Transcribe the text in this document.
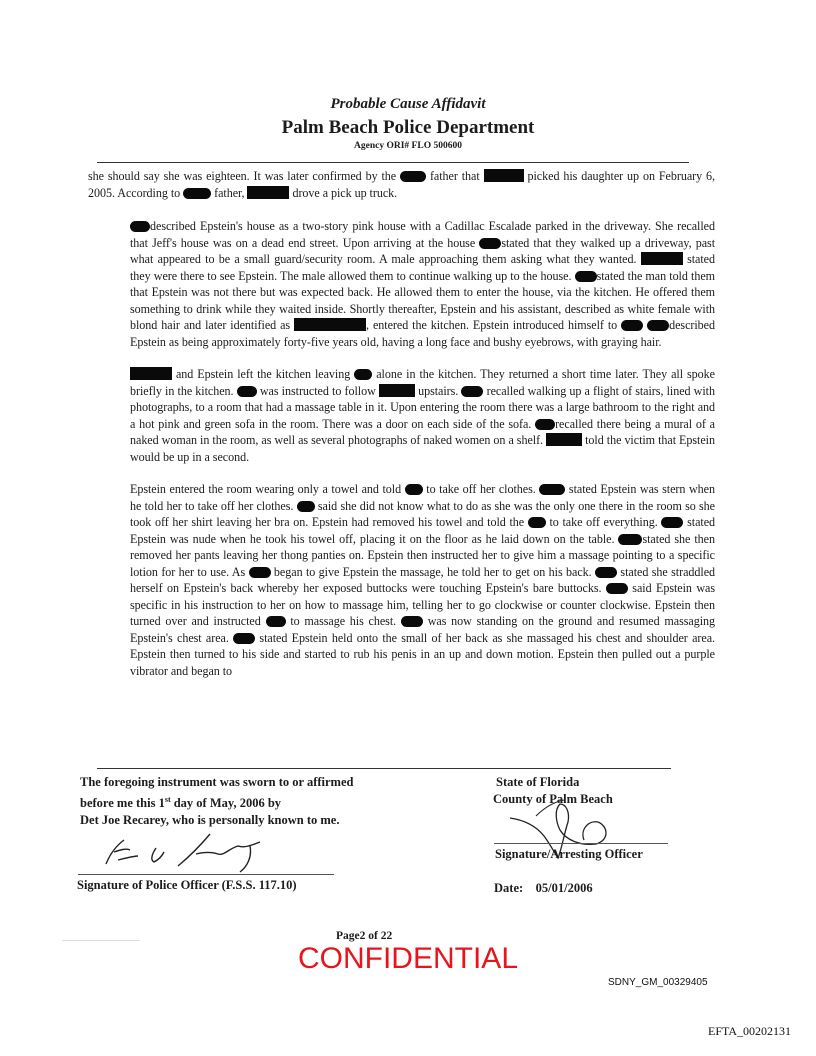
Probable Cause Affidavit
Palm Beach Police Department
Agency ORI# FLO 500600

she should say she was eighteen. It was later confirmed by the  father that	picked his daughter up on February 6, 2005. According to  father,	drove a pick up truck.

described Epstein's house as a two-story pink house with a Cadillac Escalade parked in the driveway. She recalled that Jeff's house was on a dead end street. Upon arriving at the house stated that they walked up a driveway, past what appeared to be a small guard/security room. A male approaching them asking what they wanted.	stated they were there to see Epstein. The male allowed them to continue walking up to the house. stated the man told them that Epstein was not there but was expected back. He allowed them to enter the house, via the kitchen. He offered them something to drink while they waited inside. Shortly thereafter, Epstein and his assistant, described as white female with blond hair and later identified as	, entered the kitchen. Epstein introduced himself to	described Epstein as being approximately forty-five years old, having a long face and bushy eyebrows, with graying hair.

and Epstein left the kitchen leaving  alone in the kitchen. They returned a short time later. They all spoke briefly in the kitchen.  was instructed to follow	upstairs.  recalled walking up a flight of stairs, lined with photographs, to a room that had a massage table in it. Upon entering the room there was a large bathroom to the right and a hot pink and green sofa in the room. There was a door on each side of the sofa. recalled there being a mural of a naked woman in the room, as well as several photographs of naked women on a shelf.	told the victim that Epstein would be up in a second.

Epstein entered the room wearing only a towel and told  to take off her clothes.  stated Epstein was stern when he told her to take off her clothes.  said she did not know what to do as she was the only one there in the room so she took off her shirt leaving her bra on. Epstein had removed his towel and told the  to take off everything.  stated Epstein was nude when he took his towel off, placing it on the floor as he laid down on the table. stated she then removed her pants leaving her thong panties on. Epstein then instructed her to give him a massage pointing to a specific lotion for her to use. As  began to give Epstein the massage, he told her to get on his back.  stated she straddled herself on Epstein's back whereby her exposed buttocks were touching Epstein's bare buttocks.  said Epstein was specific in his instruction to her on how to massage him, telling her to go clockwise or counter clockwise. Epstein then turned over and instructed  to massage his chest.  was now standing on the ground and resumed massaging Epstein's chest area.  stated Epstein held onto the small of her back as she massaged his chest and shoulder area. Epstein then turned to his side and started to rub his penis in an up and down motion. Epstein then pulled out a purple vibrator and began to

The foregoing instrument was sworn to or affirmed
before me this 1st day of May, 2006 by
Det Joe Recarey, who is personally known to me.
Signature of Police Officer (F.S.S. 117.10)
State of Florida
County of Palm Beach
Signature/Arresting Officer
Date: 05/01/2006
Page2 of 22
CONFIDENTIAL
SDNY_GM_00329405
EFTA_00202131
